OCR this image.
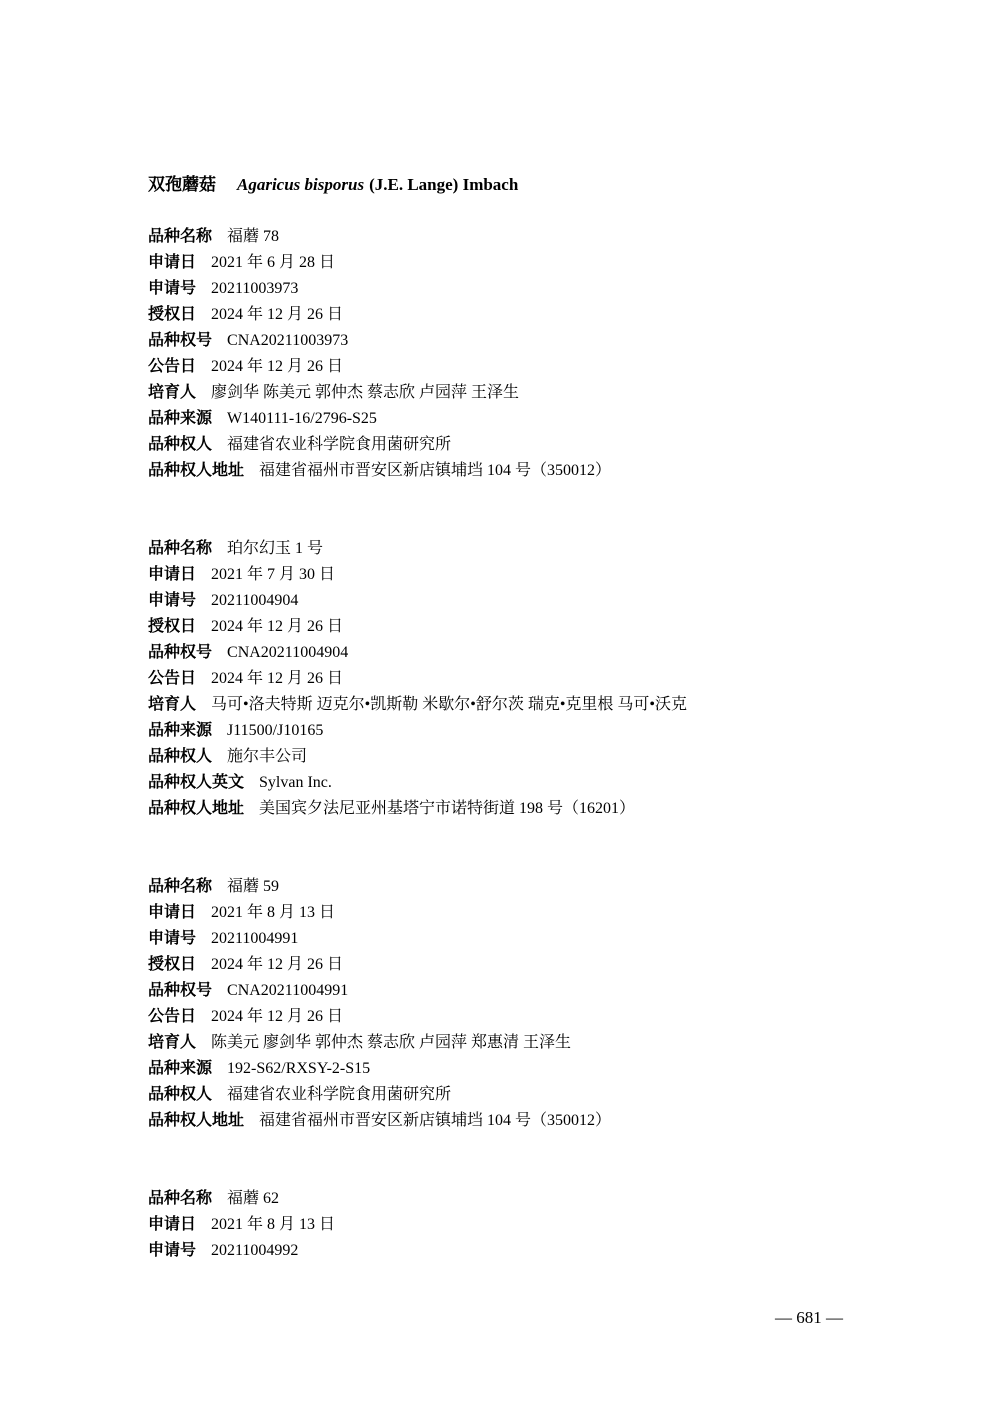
双孢蘑菇 Agaricus bisporus (J.E. Lange) Imbach
品种名称 福蘑 78
申请日 2021 年 6 月 28 日
申请号 20211003973
授权日 2024 年 12 月 26 日
品种权号 CNA20211003973
公告日 2024 年 12 月 26 日
培育人 廖剑华 陈美元 郭仲杰 蔡志欣 卢园萍 王泽生
品种来源 W140111-16/2796-S25
品种权人 福建省农业科学院食用菌研究所
品种权人地址 福建省福州市晋安区新店镇埔垱 104 号（350012）
品种名称 珀尔幻玉 1 号
申请日 2021 年 7 月 30 日
申请号 20211004904
授权日 2024 年 12 月 26 日
品种权号 CNA20211004904
公告日 2024 年 12 月 26 日
培育人 马可•洛夫特斯 迈克尔•凯斯勒 米歇尔•舒尔茨 瑞克•克里根 马可•沃克
品种来源 J11500/J10165
品种权人 施尔丰公司
品种权人英文 Sylvan Inc.
品种权人地址 美国宾夕法尼亚州基塔宁市诺特街道 198 号（16201）
品种名称 福蘑 59
申请日 2021 年 8 月 13 日
申请号 20211004991
授权日 2024 年 12 月 26 日
品种权号 CNA20211004991
公告日 2024 年 12 月 26 日
培育人 陈美元 廖剑华 郭仲杰 蔡志欣 卢园萍 郑惠清 王泽生
品种来源 192-S62/RXSY-2-S15
品种权人 福建省农业科学院食用菌研究所
品种权人地址 福建省福州市晋安区新店镇埔垱 104 号（350012）
品种名称 福蘑 62
申请日 2021 年 8 月 13 日
申请号 20211004992
— 681 —
